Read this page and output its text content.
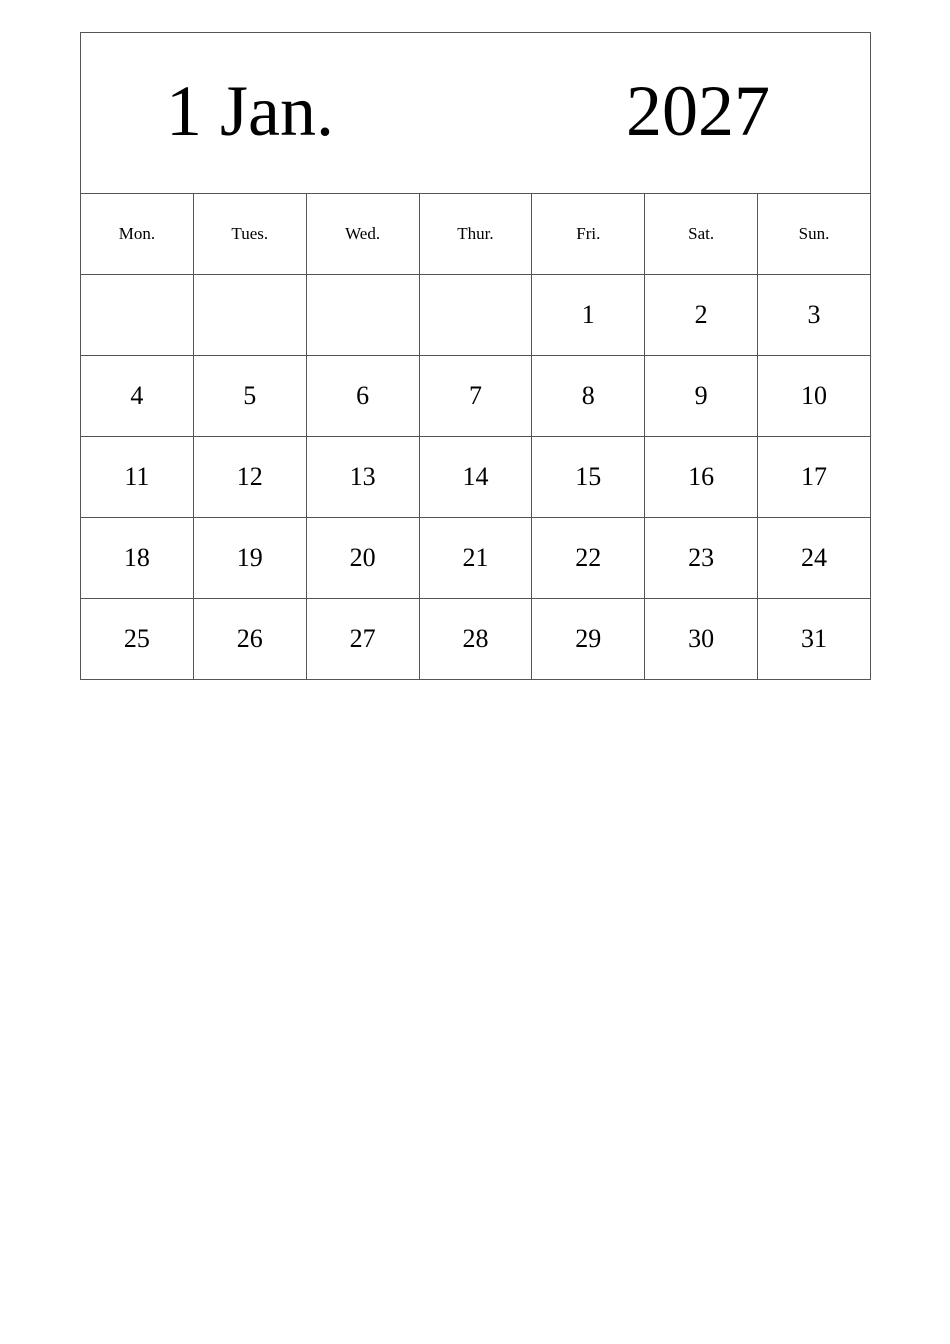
1 Jan. 2027						

Mon.	Tues.	Wed.	Thur.	Fri.	Sat.	Sun.
				1	2	3
4	5	6	7	8	9	10
11	12	13	14	15	16	17
18	19	20	21	22	23	24
25	26	27	28	29	30	31
